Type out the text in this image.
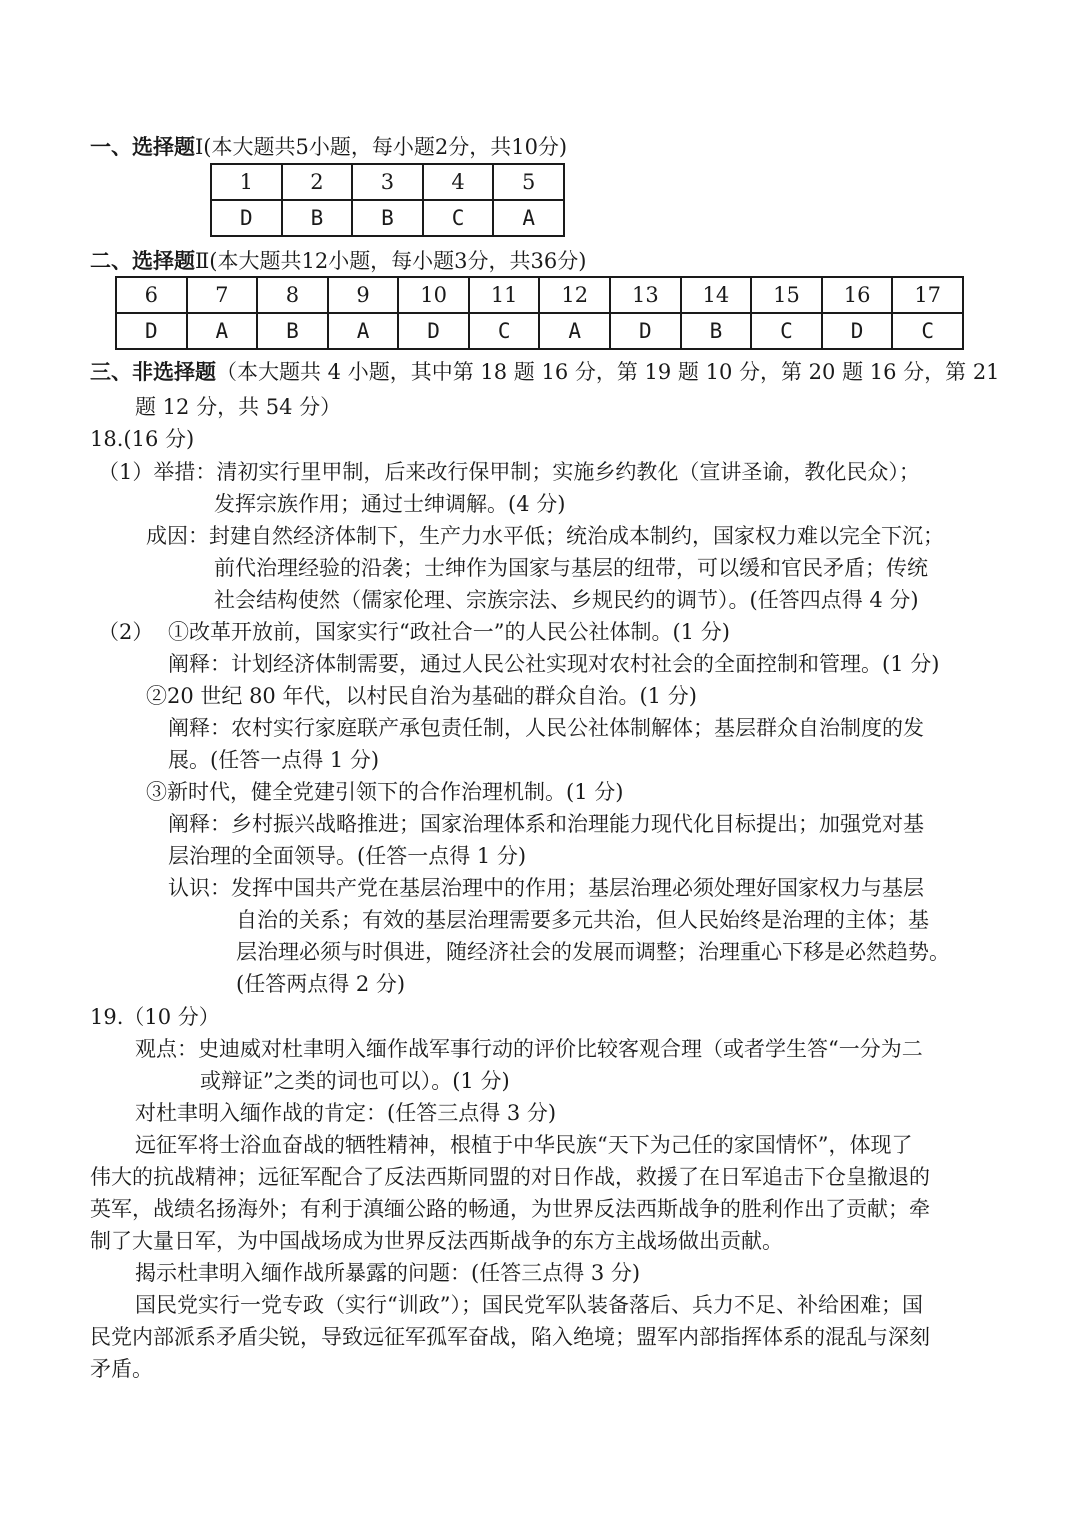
一、选择题Ⅰ(本大题共5小题，每小题2分，共10分)
1	2	3	4	5
D	B	B	C	A
二、选择题Ⅱ(本大题共12小题，每小题3分，共36分)
6	7	8	9	10	11	12	13	14	15	16	17
D	A	B	A	D	C	A	D	B	C	D	C
三、非选择题（本大题共 4 小题，其中第 18 题 16 分，第 19 题 10 分，第 20 题 16 分，第 21
题 12 分，共 54 分）
18.(16 分)
（1）举措：清初实行里甲制，后来改行保甲制；实施乡约教化（宣讲圣谕，教化民众）；
发挥宗族作用；通过士绅调解。(4 分)
成因：封建自然经济体制下，生产力水平低；统治成本制约，国家权力难以完全下沉；
前代治理经验的沿袭；士绅作为国家与基层的纽带，可以缓和官民矛盾；传统
社会结构使然（儒家伦理、宗族宗法、乡规民约的调节）。(任答四点得 4 分)
（2） ①改革开放前，国家实行“政社合一”的人民公社体制。(1 分)
阐释：计划经济体制需要，通过人民公社实现对农村社会的全面控制和管理。(1 分)
②20 世纪 80 年代，以村民自治为基础的群众自治。(1 分)
阐释：农村实行家庭联产承包责任制，人民公社体制解体；基层群众自治制度的发
展。(任答一点得 1 分)
③新时代，健全党建引领下的合作治理机制。(1 分)
阐释：乡村振兴战略推进；国家治理体系和治理能力现代化目标提出；加强党对基
层治理的全面领导。(任答一点得 1 分)
认识：发挥中国共产党在基层治理中的作用；基层治理必须处理好国家权力与基层
自治的关系；有效的基层治理需要多元共治，但人民始终是治理的主体；基
层治理必须与时俱进，随经济社会的发展而调整；治理重心下移是必然趋势。
(任答两点得 2 分)
19.（10 分）
观点：史迪威对杜聿明入缅作战军事行动的评价比较客观合理（或者学生答“一分为二
或辩证”之类的词也可以）。(1 分)
对杜聿明入缅作战的肯定：(任答三点得 3 分)
远征军将士浴血奋战的牺牲精神，根植于中华民族“天下为己任的家国情怀”，体现了
伟大的抗战精神；远征军配合了反法西斯同盟的对日作战，救援了在日军追击下仓皇撤退的
英军，战绩名扬海外；有利于滇缅公路的畅通，为世界反法西斯战争的胜利作出了贡献；牵
制了大量日军，为中国战场成为世界反法西斯战争的东方主战场做出贡献。
揭示杜聿明入缅作战所暴露的问题：(任答三点得 3 分)
国民党实行一党专政（实行“训政”）；国民党军队装备落后、兵力不足、补给困难；国
民党内部派系矛盾尖锐，导致远征军孤军奋战，陷入绝境；盟军内部指挥体系的混乱与深刻
矛盾。
